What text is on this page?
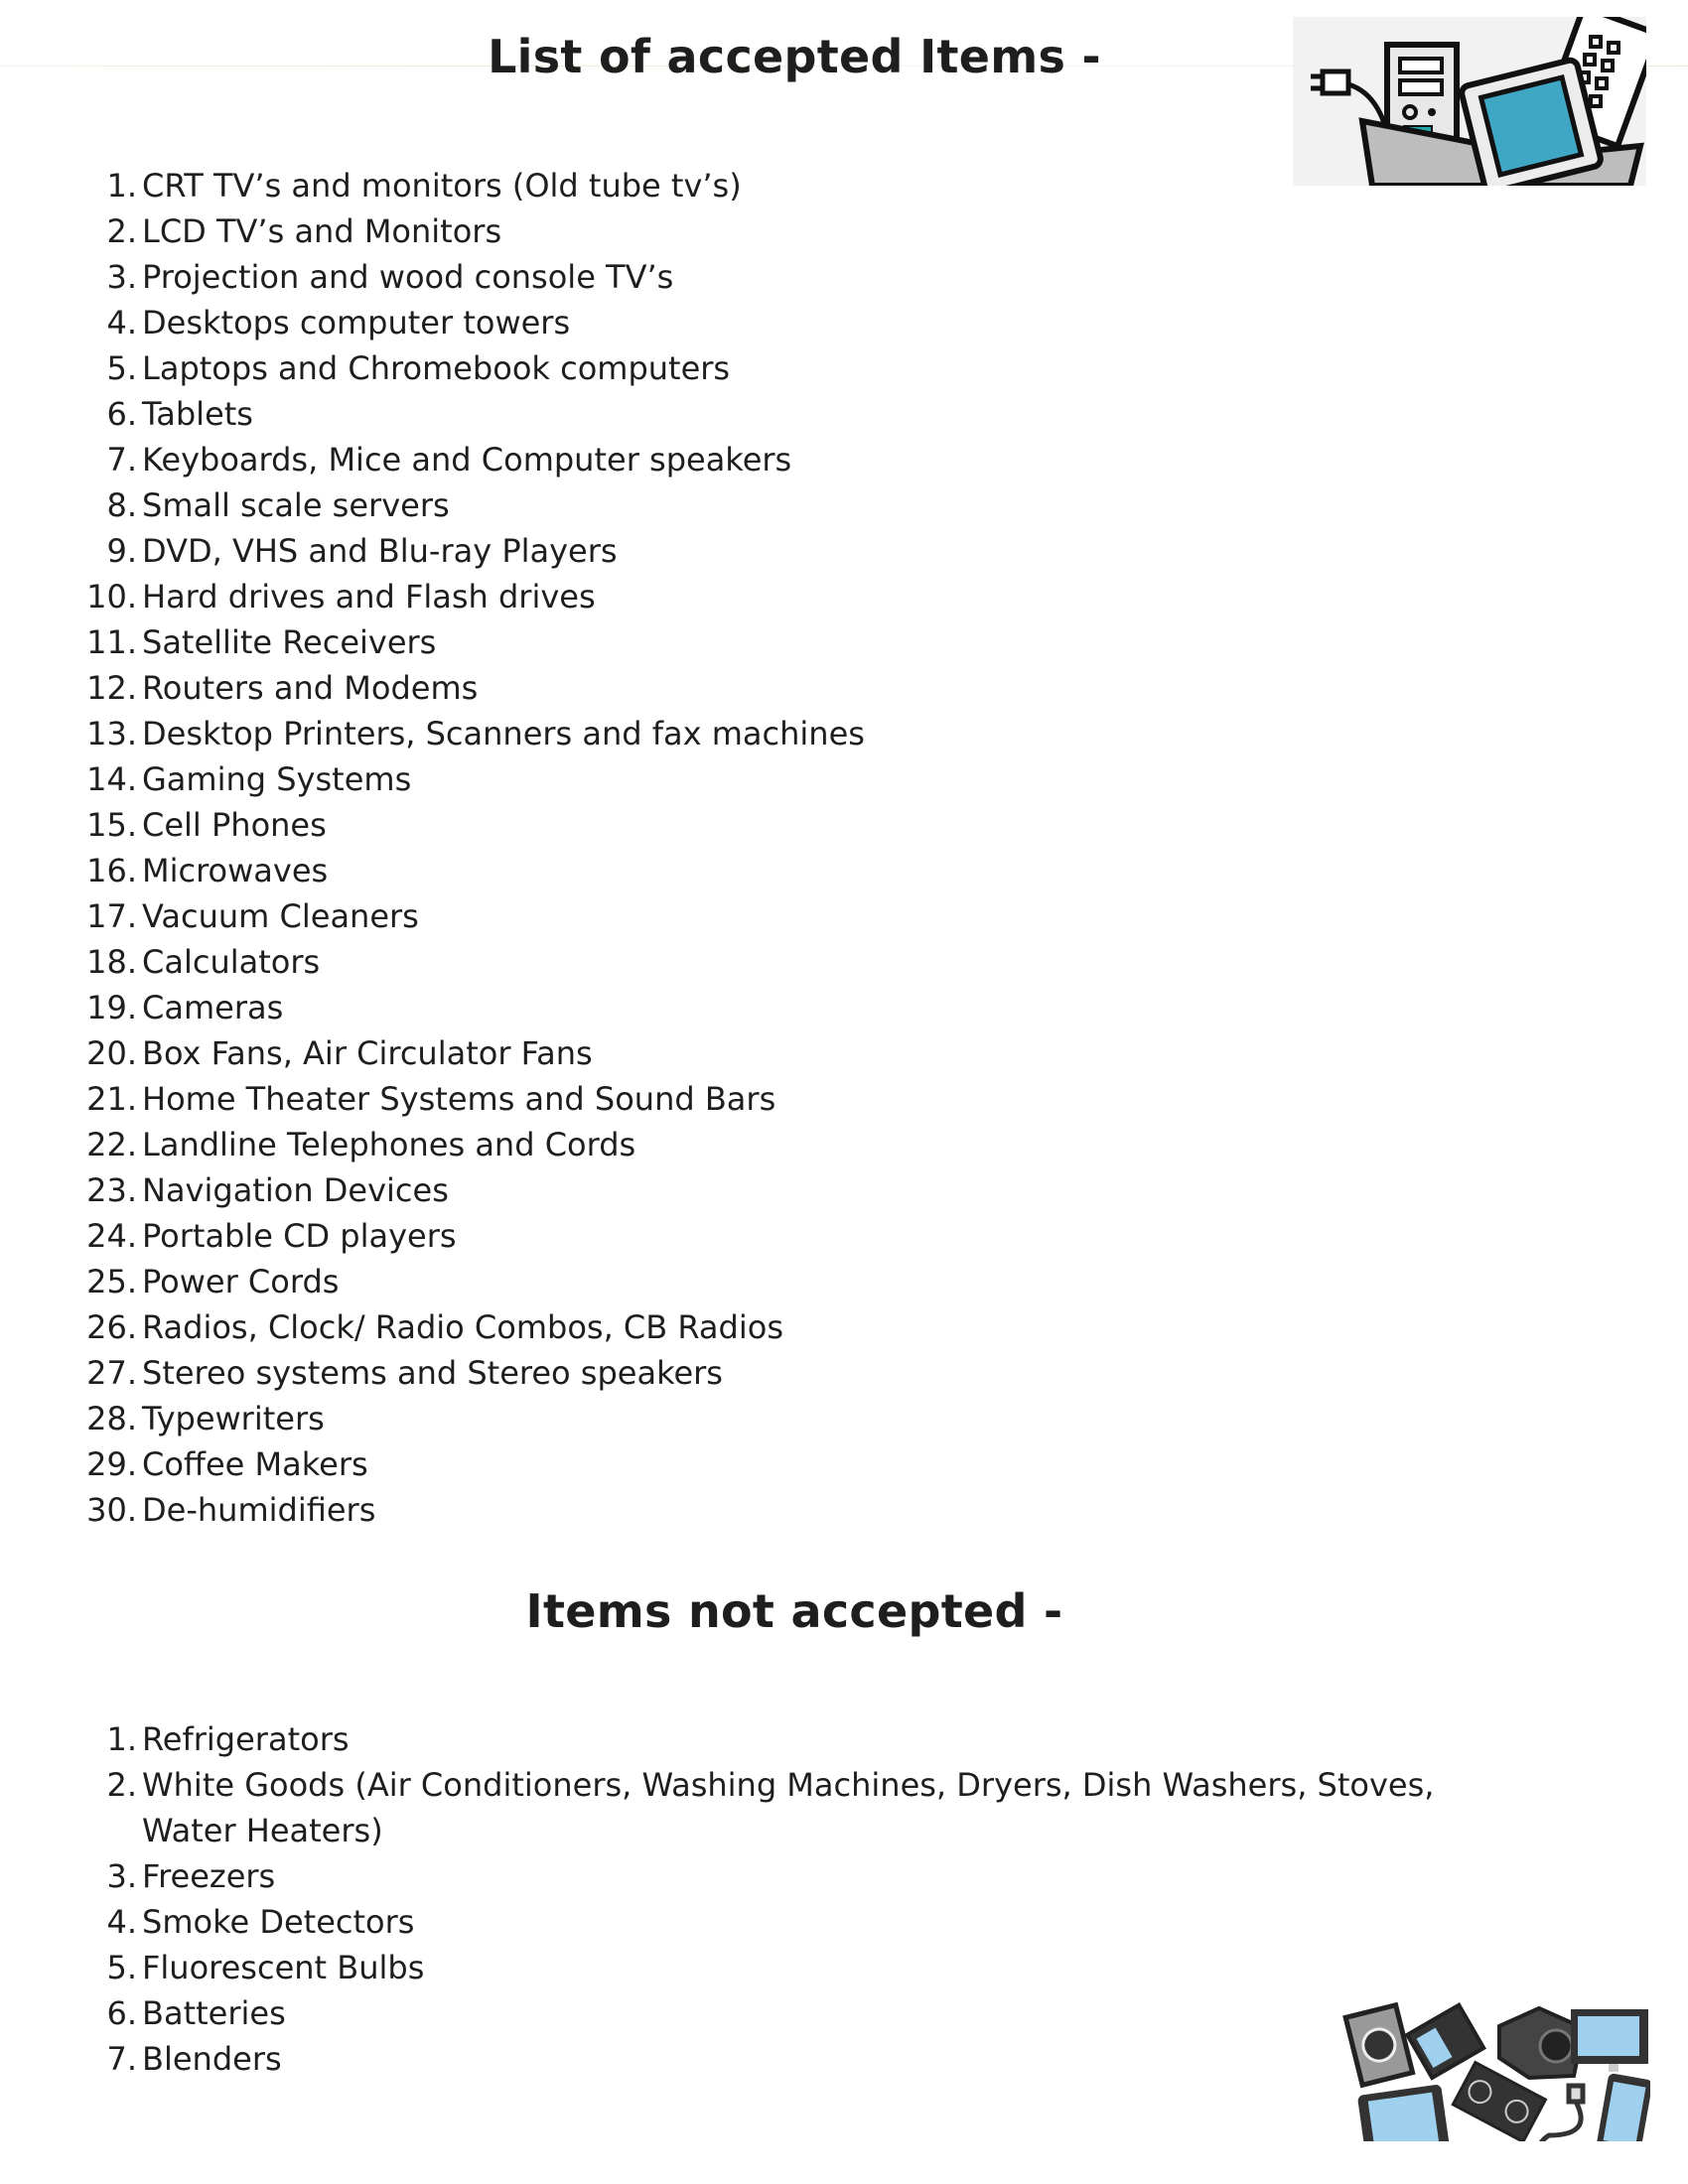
List of accepted Items -
1. CRT TV’s and monitors (Old tube tv’s)
2. LCD TV’s and Monitors
3. Projection and wood console TV’s
4. Desktops computer towers
5. Laptops and Chromebook computers
6. Tablets
7. Keyboards, Mice and Computer speakers
8. Small scale servers
9. DVD, VHS and Blu-ray Players
10. Hard drives and Flash drives
11. Satellite Receivers
12. Routers and Modems
13. Desktop Printers, Scanners and fax machines
14. Gaming Systems
15. Cell Phones
16. Microwaves
17. Vacuum Cleaners
18. Calculators
19. Cameras
20. Box Fans, Air Circulator Fans
21. Home Theater Systems and Sound Bars
22. Landline Telephones and Cords
23. Navigation Devices
24. Portable CD players
25. Power Cords
26. Radios, Clock/ Radio Combos, CB Radios
27. Stereo systems and Stereo speakers
28. Typewriters
29. Coffee Makers
30. De-humidifiers
Items not accepted -
1. Refrigerators
2. White Goods (Air Conditioners, Washing Machines, Dryers, Dish Washers, Stoves, Water Heaters)
3. Freezers
4. Smoke Detectors
5. Fluorescent Bulbs
6. Batteries
7. Blenders
